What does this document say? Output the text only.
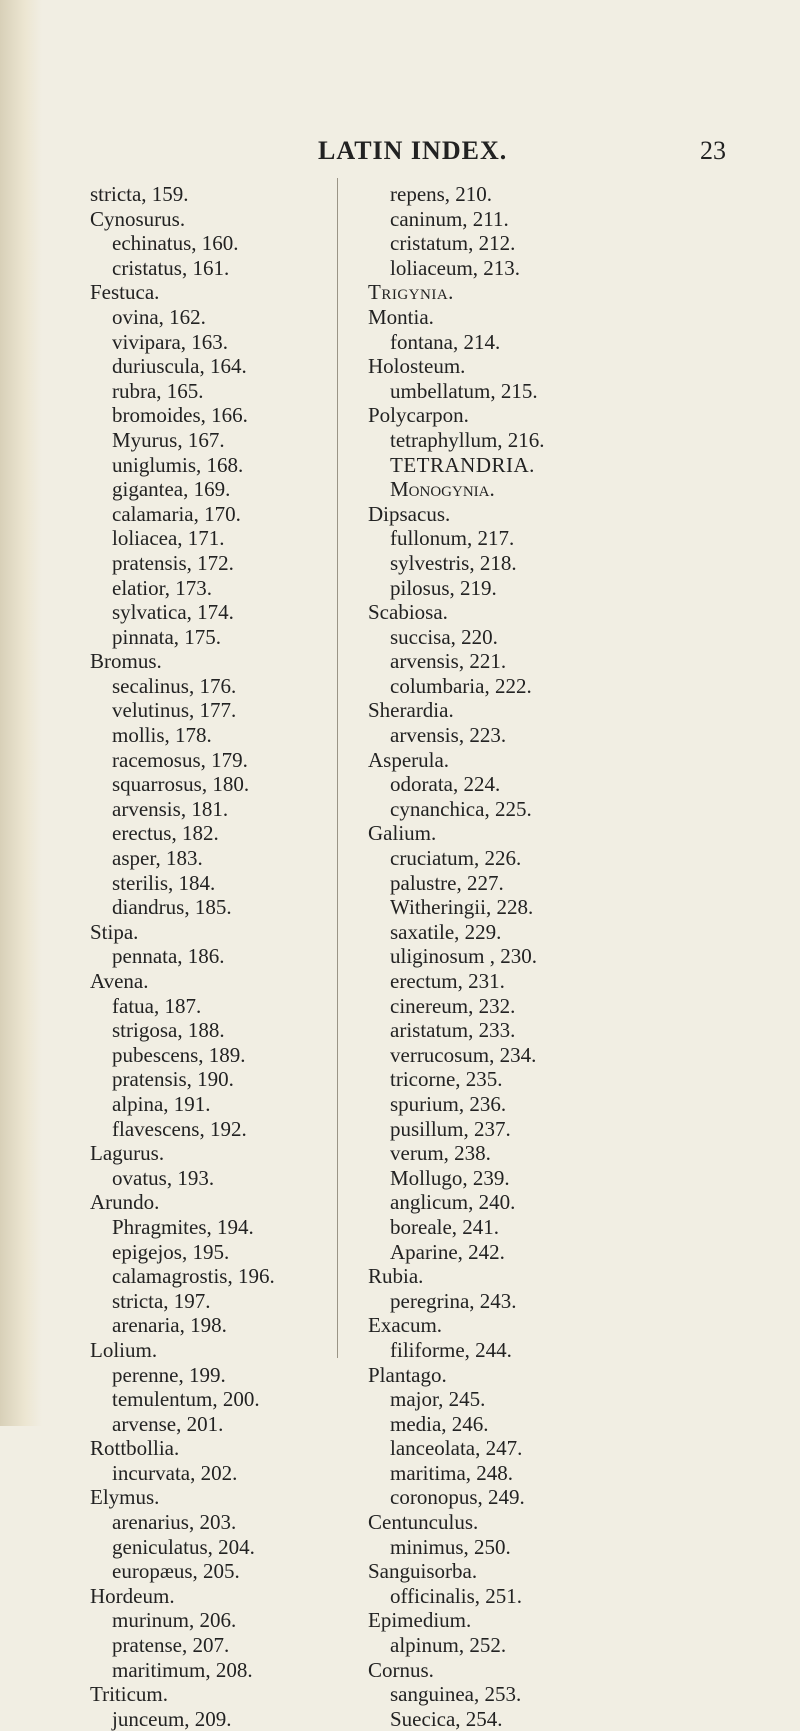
LATIN INDEX.	23
stricta, 159.
Cynosurus.
echinatus, 160.
cristatus, 161.
Festuca.
ovina, 162.
vivipara, 163.
duriuscula, 164.
rubra, 165.
bromoides, 166.
Myurus, 167.
uniglumis, 168.
gigantea, 169.
calamaria, 170.
loliacea, 171.
pratensis, 172.
elatior, 173.
sylvatica, 174.
pinnata, 175.
Bromus.
secalinus, 176.
velutinus, 177.
mollis, 178.
racemosus, 179.
squarrosus, 180.
arvensis, 181.
erectus, 182.
asper, 183.
sterilis, 184.
diandrus, 185.
Stipa.
pennata, 186.
Avena.
fatua, 187.
strigosa, 188.
pubescens, 189.
pratensis, 190.
alpina, 191.
flavescens, 192.
Lagurus.
ovatus, 193.
Arundo.
Phragmites, 194.
epigejos, 195.
calamagrostis, 196.
stricta, 197.
arenaria, 198.
Lolium.
perenne, 199.
temulentum, 200.
arvense, 201.
Rottbollia.
incurvata, 202.
Elymus.
arenarius, 203.
geniculatus, 204.
europæus, 205.
Hordeum.
murinum, 206.
pratense, 207.
maritimum, 208.
Triticum.
junceum, 209.
repens, 210.
caninum, 211.
cristatum, 212.
loliaceum, 213.
Trigynia.
Montia.
fontana, 214.
Holosteum.
umbellatum, 215.
Polycarpon.
tetraphyllum, 216.
TETRANDRIA.
Monogynia.
Dipsacus.
fullonum, 217.
sylvestris, 218.
pilosus, 219.
Scabiosa.
succisa, 220.
arvensis, 221.
columbaria, 222.
Sherardia.
arvensis, 223.
Asperula.
odorata, 224.
cynanchica, 225.
Galium.
cruciatum, 226.
palustre, 227.
Witheringii, 228.
saxatile, 229.
uliginosum , 230.
erectum, 231.
cinereum, 232.
aristatum, 233.
verrucosum, 234.
tricorne, 235.
spurium, 236.
pusillum, 237.
verum, 238.
Mollugo, 239.
anglicum, 240.
boreale, 241.
Aparine, 242.
Rubia.
peregrina, 243.
Exacum.
filiforme, 244.
Plantago.
major, 245.
media, 246.
lanceolata, 247.
maritima, 248.
coronopus, 249.
Centunculus.
minimus, 250.
Sanguisorba.
officinalis, 251.
Epimedium.
alpinum, 252.
Cornus.
sanguinea, 253.
Suecica, 254.
